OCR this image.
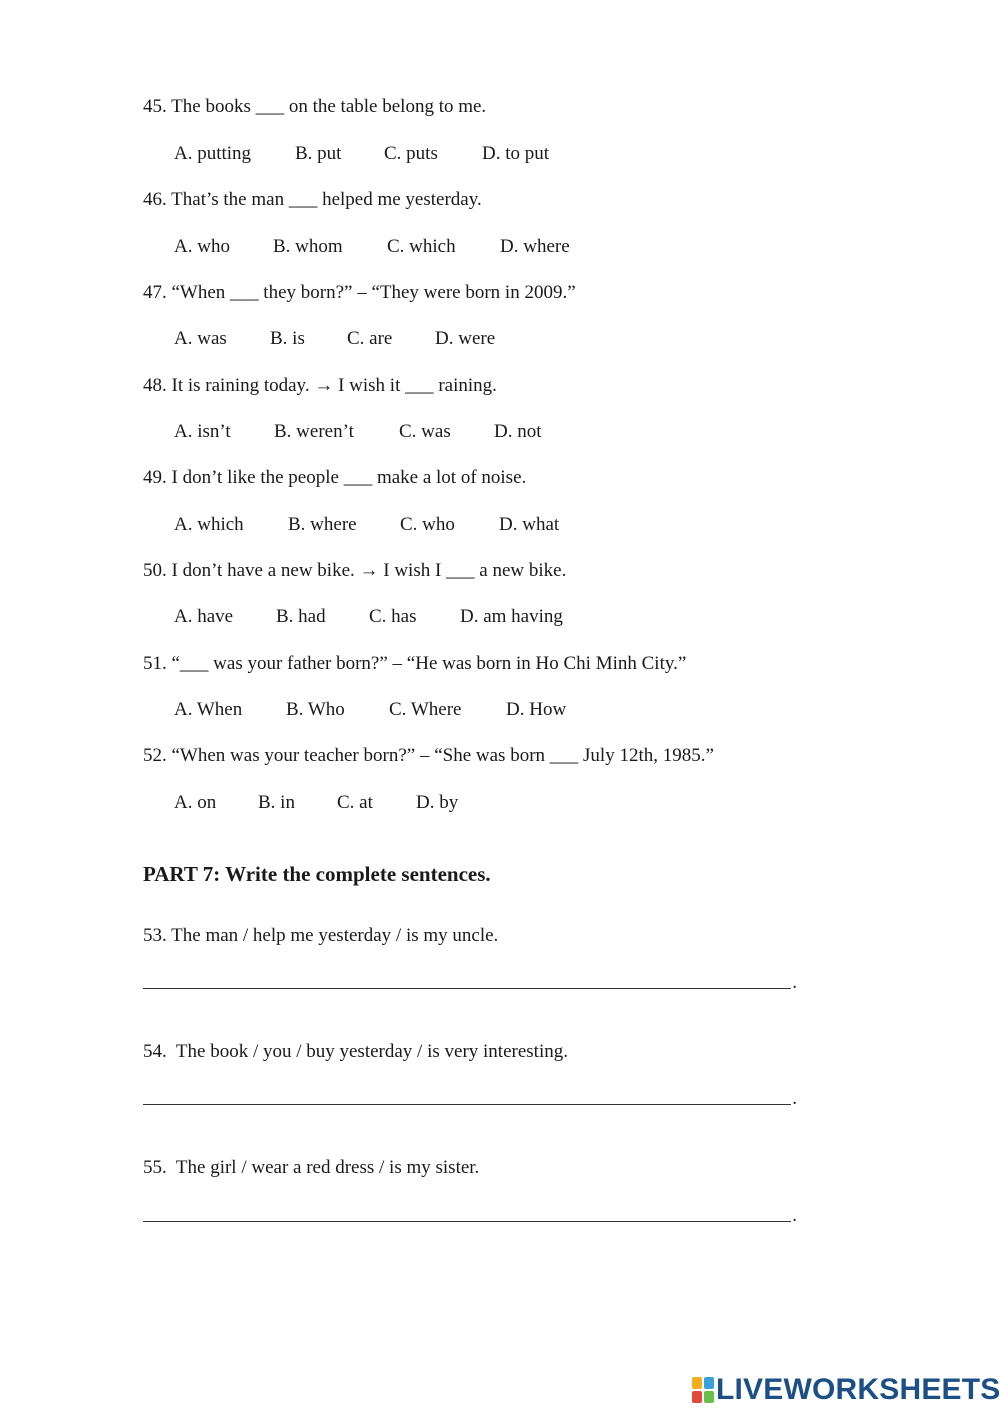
45. The books ___ on the table belong to me.
A. putting B. put C. puts D. to put
46. That’s the man ___ helped me yesterday.
A. who B. whom C. which D. where
47. “When ___ they born?” – “They were born in 2009.”
A. was B. is C. are D. were
48. It is raining today. → I wish it ___ raining.
A. isn’t B. weren’t C. was D. not
49. I don’t like the people ___ make a lot of noise.
A. which B. where C. who D. what
50. I don’t have a new bike. → I wish I ___ a new bike.
A. have B. had C. has D. am having
51. “___ was your father born?” – “He was born in Ho Chi Minh City.”
A. When B. Who C. Where D. How
52. “When was your teacher born?” – “She was born ___ July 12th, 1985.”
A. on B. in C. at D. by
PART 7: Write the complete sentences.
53. The man / help me yesterday / is my uncle.
.
54.  The book / you / buy yesterday / is very interesting.
.
55.  The girl / wear a red dress / is my sister.
.
LIVEWORKSHEETS
